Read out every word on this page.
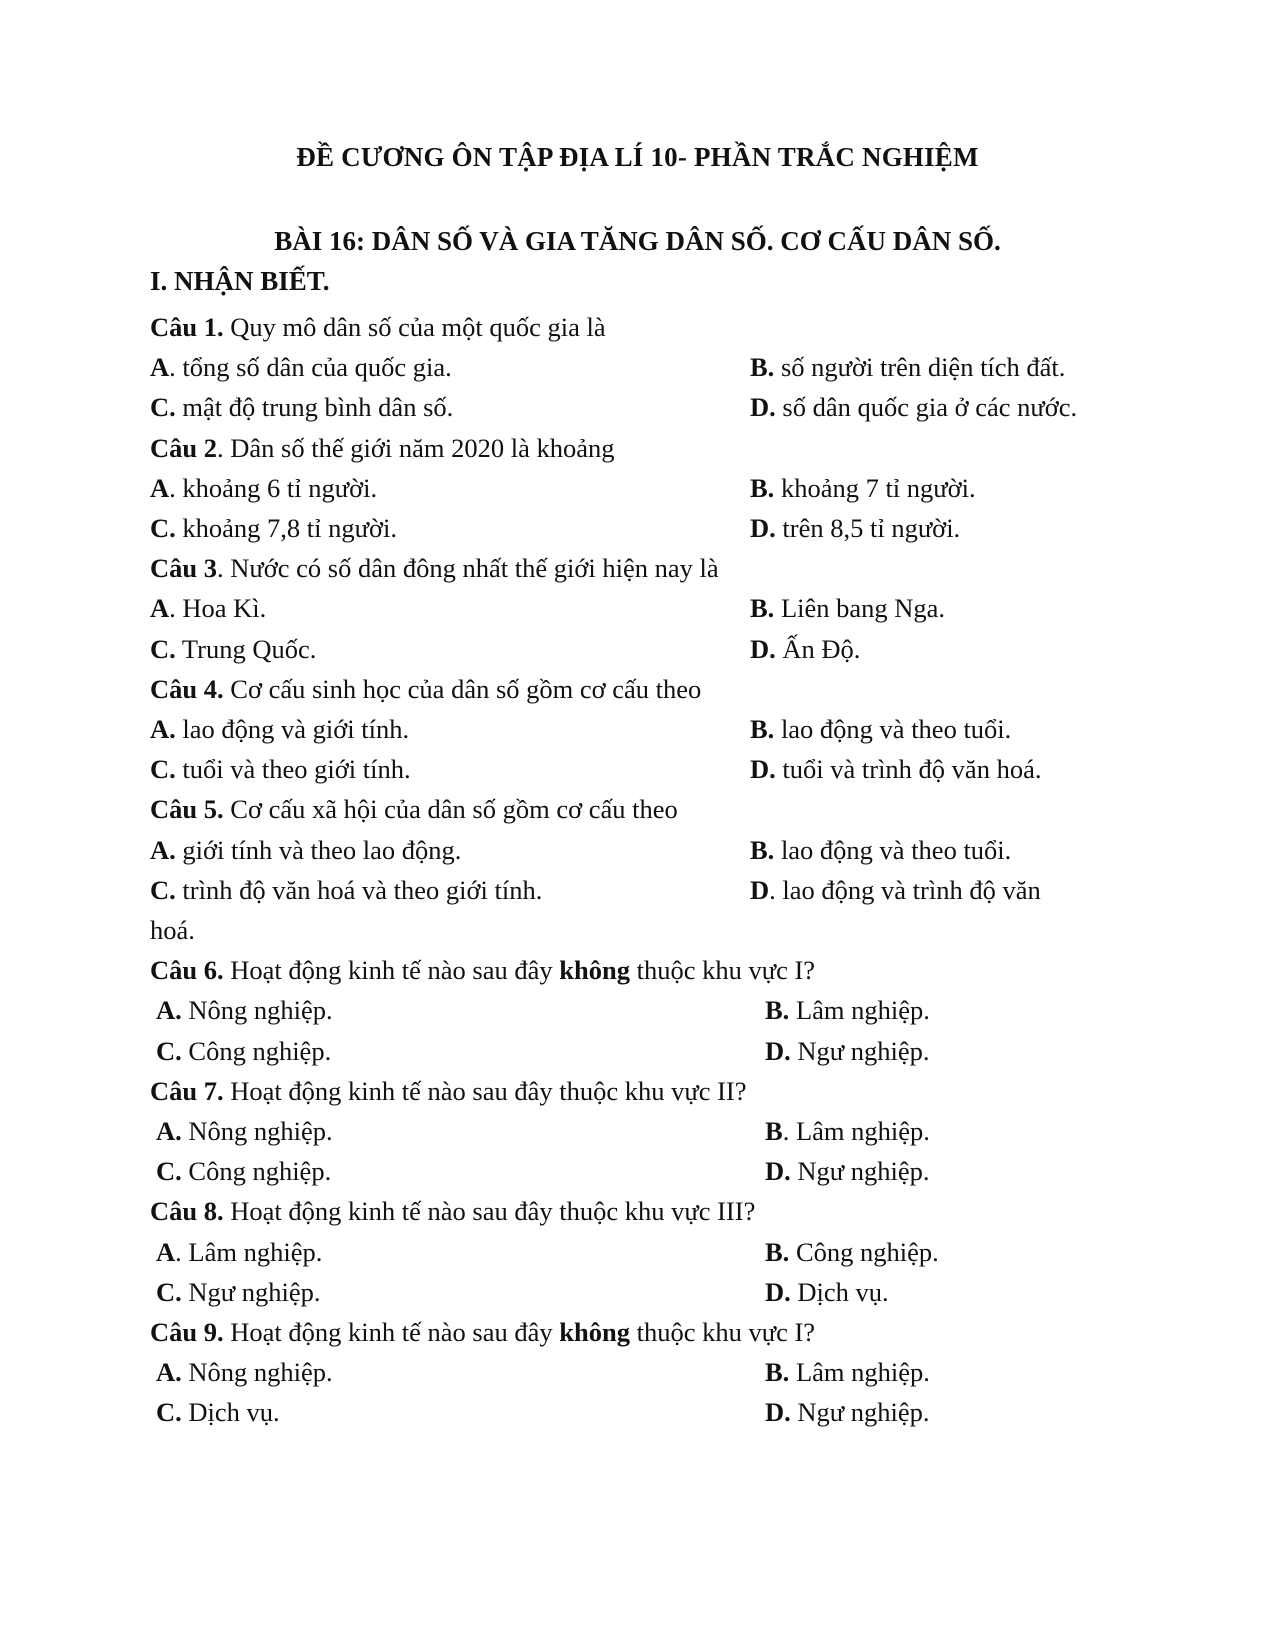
ĐỀ CƯƠNG ÔN TẬP ĐỊA LÍ 10- PHẦN TRẮC NGHIỆM
BÀI 16: DÂN SỐ VÀ GIA TĂNG DÂN SỐ. CƠ CẤU DÂN SỐ.
I. NHẬN BIẾT.
Câu 1. Quy mô dân số của một quốc gia là
A. tổng số dân của quốc gia.	B. số người trên diện tích đất.
C. mật độ trung bình dân số.	D. số dân quốc gia ở các nước.
Câu 2. Dân số thế giới năm 2020 là khoảng
A. khoảng 6 tỉ người.	B. khoảng 7 tỉ người.
C. khoảng 7,8 tỉ người.	D. trên 8,5 tỉ người.
Câu 3. Nước có số dân đông nhất thế giới hiện nay là
A. Hoa Kì.	B. Liên bang Nga.
C. Trung Quốc.	D. Ấn Độ.
Câu 4. Cơ cấu sinh học của dân số gồm cơ cấu theo
A. lao động và giới tính.	B. lao động và theo tuổi.
C. tuổi và theo giới tính.	D. tuổi và trình độ văn hoá.
Câu 5. Cơ cấu xã hội của dân số gồm cơ cấu theo
A. giới tính và theo lao động.	B. lao động và theo tuổi.
C. trình độ văn hoá và theo giới tính.	D. lao động và trình độ văn
hoá.
Câu 6. Hoạt động kinh tế nào sau đây không thuộc khu vực I?
A. Nông nghiệp.	B. Lâm nghiệp.
C. Công nghiệp.	D. Ngư nghiệp.
Câu 7. Hoạt động kinh tế nào sau đây thuộc khu vực II?
A. Nông nghiệp.	B. Lâm nghiệp.
C. Công nghiệp.	D. Ngư nghiệp.
Câu 8. Hoạt động kinh tế nào sau đây thuộc khu vực III?
A. Lâm nghiệp.	B. Công nghiệp.
C. Ngư nghiệp.	D. Dịch vụ.
Câu 9. Hoạt động kinh tế nào sau đây không thuộc khu vực I?
A. Nông nghiệp.	B. Lâm nghiệp.
C. Dịch vụ.	D. Ngư nghiệp.
